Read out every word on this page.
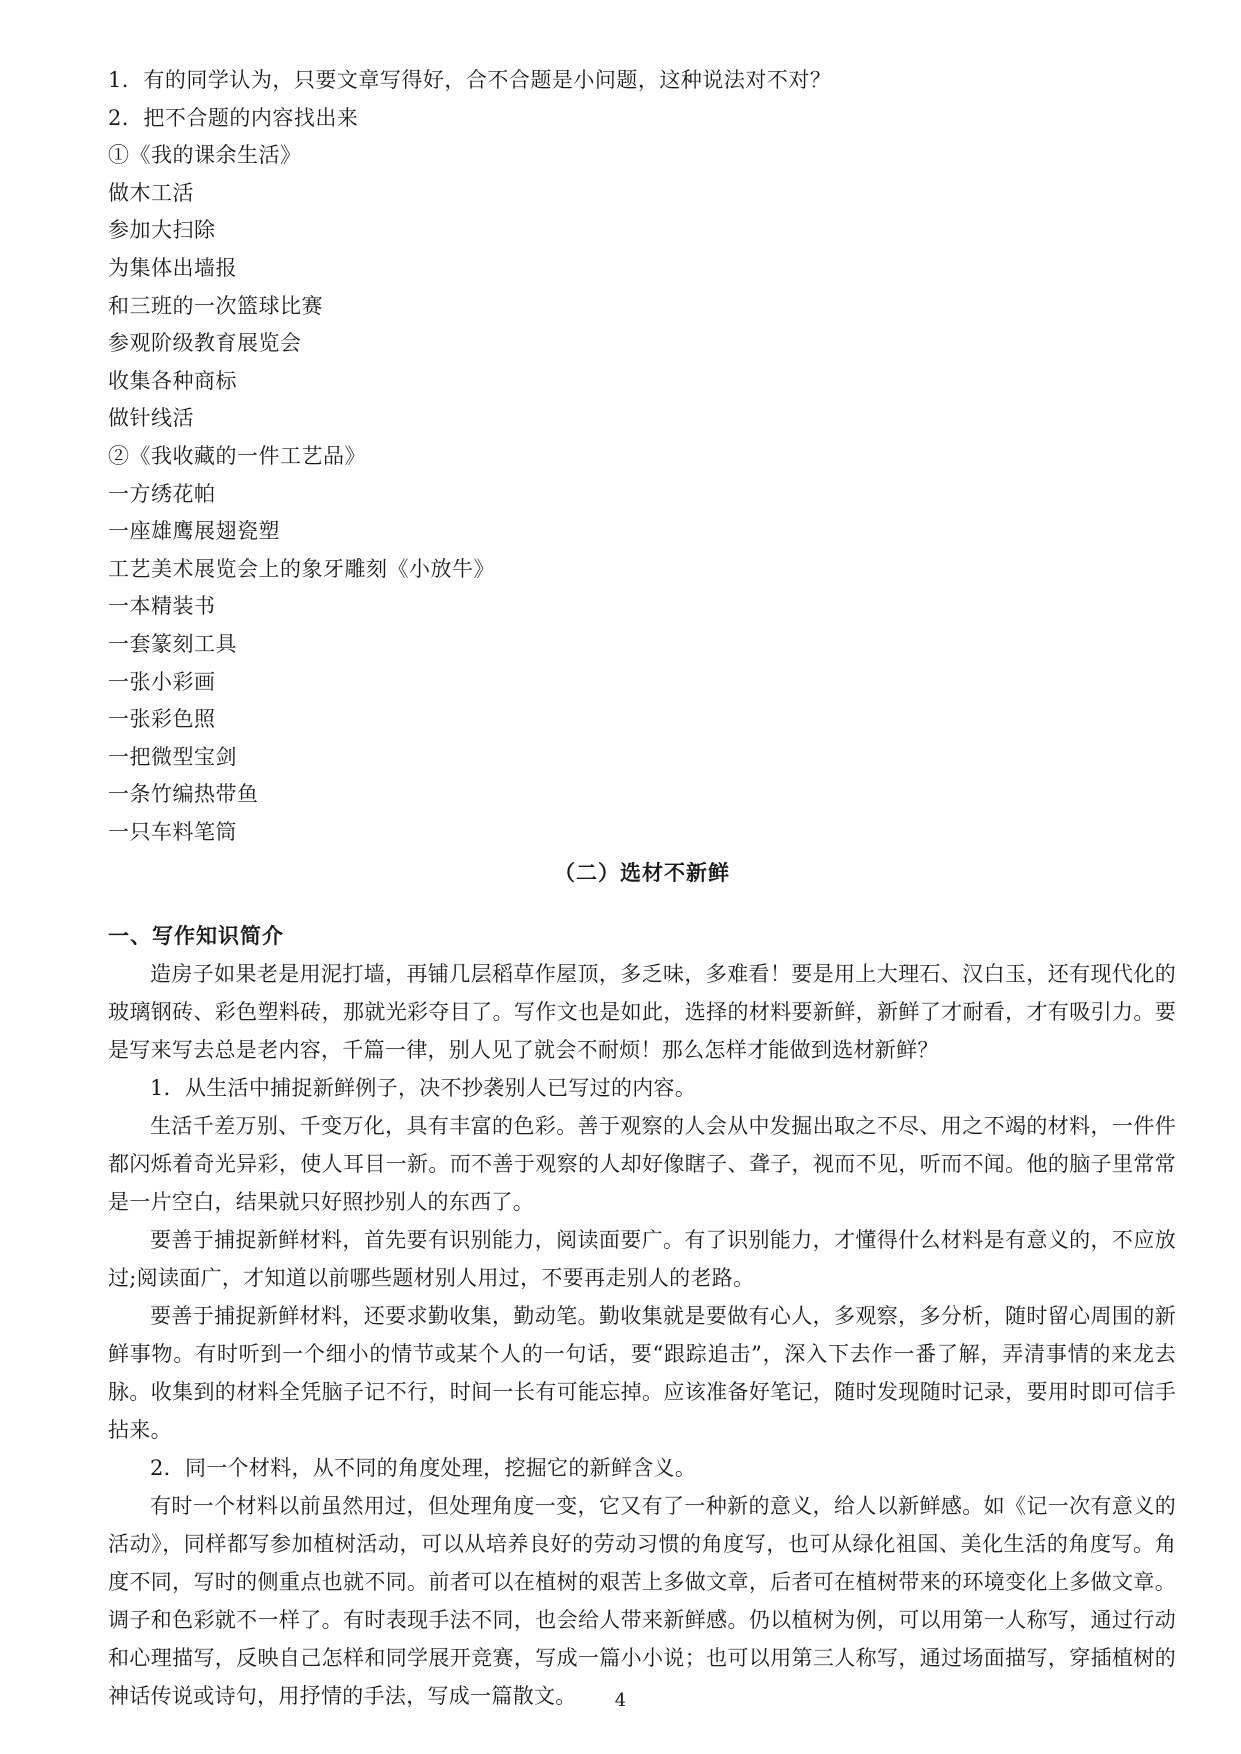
1．有的同学认为，只要文章写得好，合不合题是小问题，这种说法对不对？
2．把不合题的内容找出来
①《我的课余生活》
做木工活
参加大扫除
为集体出墙报
和三班的一次篮球比赛
参观阶级教育展览会
收集各种商标
做针线活
②《我收藏的一件工艺品》
一方绣花帕
一座雄鹰展翅瓷塑
工艺美术展览会上的象牙雕刻《小放牛》
一本精装书
一套篆刻工具
一张小彩画
一张彩色照
一把微型宝剑
一条竹编热带鱼
一只车料笔筒
（二）选材不新鲜
一、写作知识简介

造房子如果老是用泥打墙，再铺几层稻草作屋顶，多乏味，多难看！要是用上大理石、汉白玉，还有现代化的玻璃钢砖、彩色塑料砖，那就光彩夺目了。写作文也是如此，选择的材料要新鲜，新鲜了才耐看，才有吸引力。要是写来写去总是老内容，千篇一律，别人见了就会不耐烦！那么怎样才能做到选材新鲜？

1．从生活中捕捉新鲜例子，决不抄袭别人已写过的内容。

生活千差万别、千变万化，具有丰富的色彩。善于观察的人会从中发掘出取之不尽、用之不竭的材料，一件件都闪烁着奇光异彩，使人耳目一新。而不善于观察的人却好像瞎子、聋子，视而不见，听而不闻。他的脑子里常常是一片空白，结果就只好照抄别人的东西了。

要善于捕捉新鲜材料，首先要有识别能力，阅读面要广。有了识别能力，才懂得什么材料是有意义的，不应放过;阅读面广，才知道以前哪些题材别人用过，不要再走别人的老路。

要善于捕捉新鲜材料，还要求勤收集，勤动笔。勤收集就是要做有心人，多观察，多分析，随时留心周围的新鲜事物。有时听到一个细小的情节或某个人的一句话，要“跟踪追击”，深入下去作一番了解，弄清事情的来龙去脉。收集到的材料全凭脑子记不行，时间一长有可能忘掉。应该准备好笔记，随时发现随时记录，要用时即可信手拈来。

2．同一个材料，从不同的角度处理，挖掘它的新鲜含义。

有时一个材料以前虽然用过，但处理角度一变，它又有了一种新的意义，给人以新鲜感。如《记一次有意义的活动》，同样都写参加植树活动，可以从培养良好的劳动习惯的角度写，也可从绿化祖国、美化生活的角度写。角度不同，写时的侧重点也就不同。前者可以在植树的艰苦上多做文章，后者可在植树带来的环境变化上多做文章。调子和色彩就不一样了。有时表现手法不同，也会给人带来新鲜感。仍以植树为例，可以用第一人称写，通过行动和心理描写，反映自己怎样和同学展开竞赛，写成一篇小小说；也可以用第三人称写，通过场面描写，穿插植树的神话传说或诗句，用抒情的手法，写成一篇散文。	4
